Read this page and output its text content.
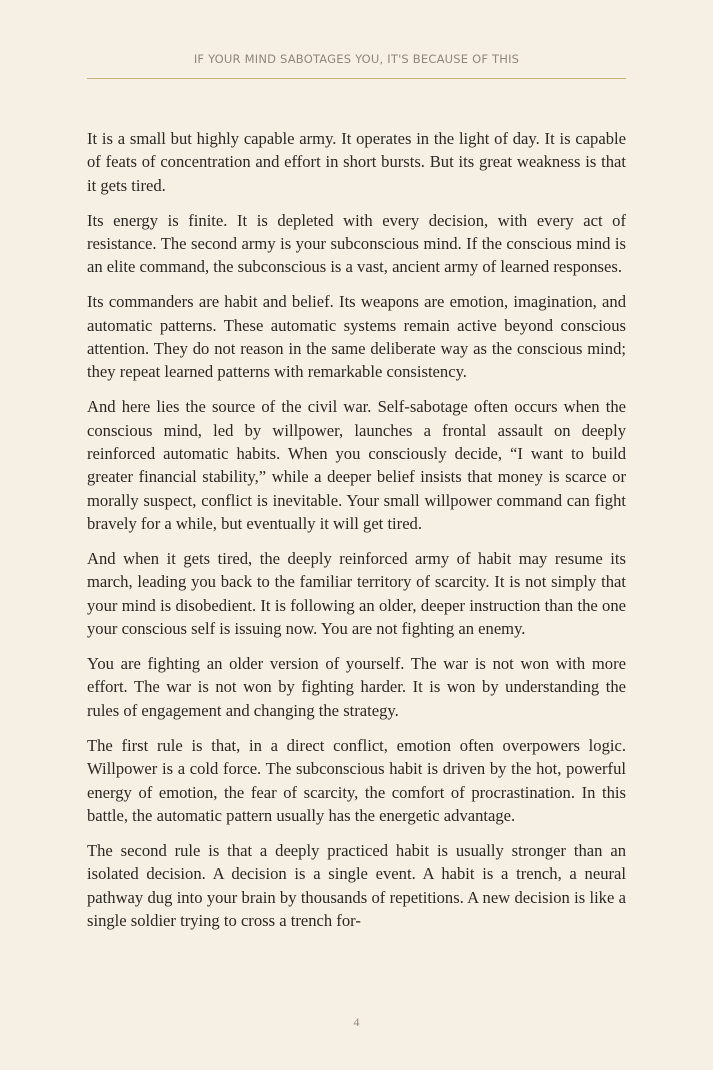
IF YOUR MIND SABOTAGES YOU, IT'S BECAUSE OF THIS

It is a small but highly capable army. It operates in the light of day. It is capable of feats of concentration and effort in short bursts. But its great weakness is that it gets tired.

Its energy is finite. It is depleted with every decision, with every act of resistance. The second army is your subconscious mind. If the conscious mind is an elite command, the subconscious is a vast, ancient army of learned responses.

Its commanders are habit and belief. Its weapons are emotion, imagination, and automatic patterns. These automatic systems remain active beyond conscious attention. They do not reason in the same deliberate way as the conscious mind; they repeat learned patterns with remarkable consistency.

And here lies the source of the civil war. Self-sabotage often occurs when the conscious mind, led by willpower, launches a frontal assault on deeply reinforced automatic habits. When you consciously decide, “I want to build greater financial stability,” while a deeper belief insists that money is scarce or morally suspect, conflict is inevitable. Your small willpower command can fight bravely for a while, but eventually it will get tired.

And when it gets tired, the deeply reinforced army of habit may resume its march, leading you back to the familiar territory of scarcity. It is not simply that your mind is disobedient. It is following an older, deeper instruction than the one your conscious self is issuing now. You are not fighting an enemy.

You are fighting an older version of yourself. The war is not won with more effort. The war is not won by fighting harder. It is won by understanding the rules of engagement and changing the strategy.

The first rule is that, in a direct conflict, emotion often overpowers logic. Willpower is a cold force. The subconscious habit is driven by the hot, powerful energy of emotion, the fear of scarcity, the comfort of procrastination. In this battle, the automatic pattern usually has the energetic advantage.

The second rule is that a deeply practiced habit is usually stronger than an isolated decision. A decision is a single event. A habit is a trench, a neural pathway dug into your brain by thousands of repetitions. A new decision is like a single soldier trying to cross a trench for-

4
